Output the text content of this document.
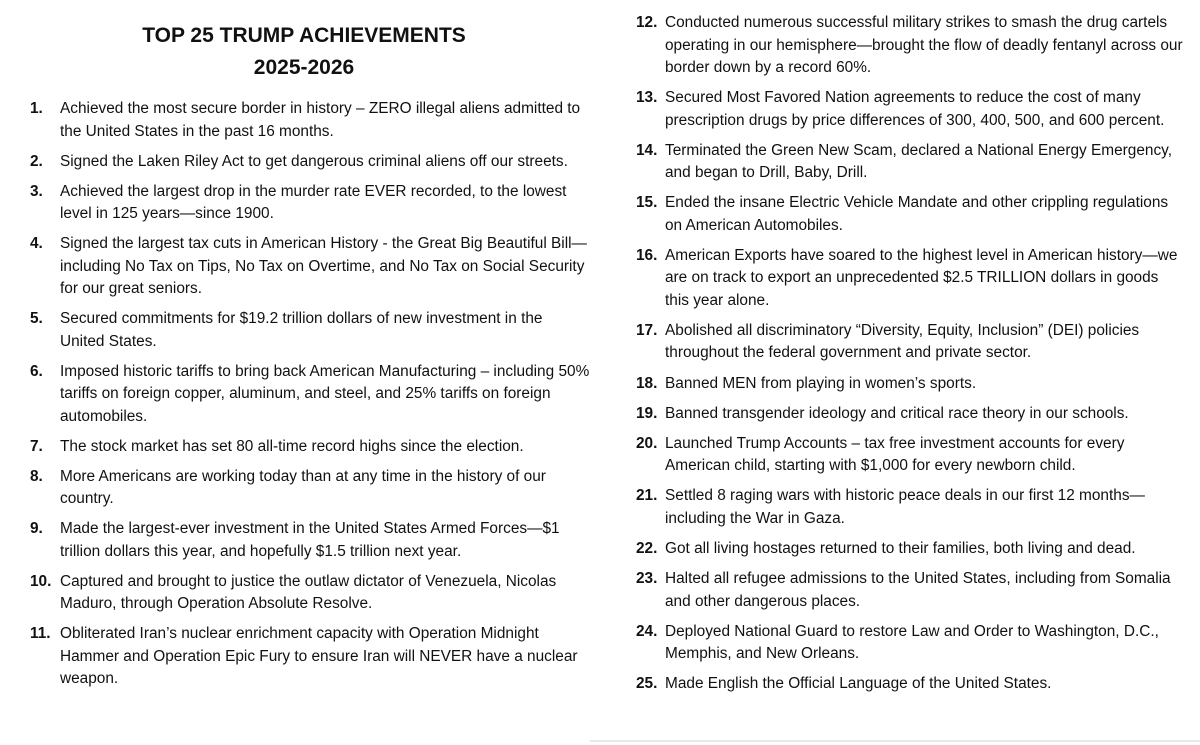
TOP 25 TRUMP ACHIEVEMENTS
2025-2026
1.	Achieved the most secure border in history – ZERO illegal aliens admitted to the United States in the past 16 months.
2.	Signed the Laken Riley Act to get dangerous criminal aliens off our streets.
3.	Achieved the largest drop in the murder rate EVER recorded, to the lowest level in 125 years—since 1900.
4.	Signed the largest tax cuts in American History - the Great Big Beautiful Bill—including No Tax on Tips, No Tax on Overtime, and No Tax on Social Security for our great seniors.
5.	Secured commitments for $19.2 trillion dollars of new investment in the United States.
6.	Imposed historic tariffs to bring back American Manufacturing – including 50% tariffs on foreign copper, aluminum, and steel, and 25% tariffs on foreign automobiles.
7.	The stock market has set 80 all-time record highs since the election.
8.	More Americans are working today than at any time in the history of our country.
9.	Made the largest-ever investment in the United States Armed Forces—$1 trillion dollars this year, and hopefully $1.5 trillion next year.
10. Captured and brought to justice the outlaw dictator of Venezuela, Nicolas Maduro, through Operation Absolute Resolve.
11. Obliterated Iran’s nuclear enrichment capacity with Operation Midnight Hammer and Operation Epic Fury to ensure Iran will NEVER have a nuclear weapon.
12. Conducted numerous successful military strikes to smash the drug cartels operating in our hemisphere—brought the flow of deadly fentanyl across our border down by a record 60%.
13. Secured Most Favored Nation agreements to reduce the cost of many prescription drugs by price differences of 300, 400, 500, and 600 percent.
14. Terminated the Green New Scam, declared a National Energy Emergency, and began to Drill, Baby, Drill.
15. Ended the insane Electric Vehicle Mandate and other crippling regulations on American Automobiles.
16. American Exports have soared to the highest level in American history—we are on track to export an unprecedented $2.5 TRILLION dollars in goods this year alone.
17. Abolished all discriminatory “Diversity, Equity, Inclusion” (DEI) policies throughout the federal government and private sector.
18. Banned MEN from playing in women’s sports.
19. Banned transgender ideology and critical race theory in our schools.
20. Launched Trump Accounts – tax free investment accounts for every American child, starting with $1,000 for every newborn child.
21. Settled 8 raging wars with historic peace deals in our first 12 months—including the War in Gaza.
22. Got all living hostages returned to their families, both living and dead.
23. Halted all refugee admissions to the United States, including from Somalia and other dangerous places.
24. Deployed National Guard to restore Law and Order to Washington, D.C., Memphis, and New Orleans.
25. Made English the Official Language of the United States.
